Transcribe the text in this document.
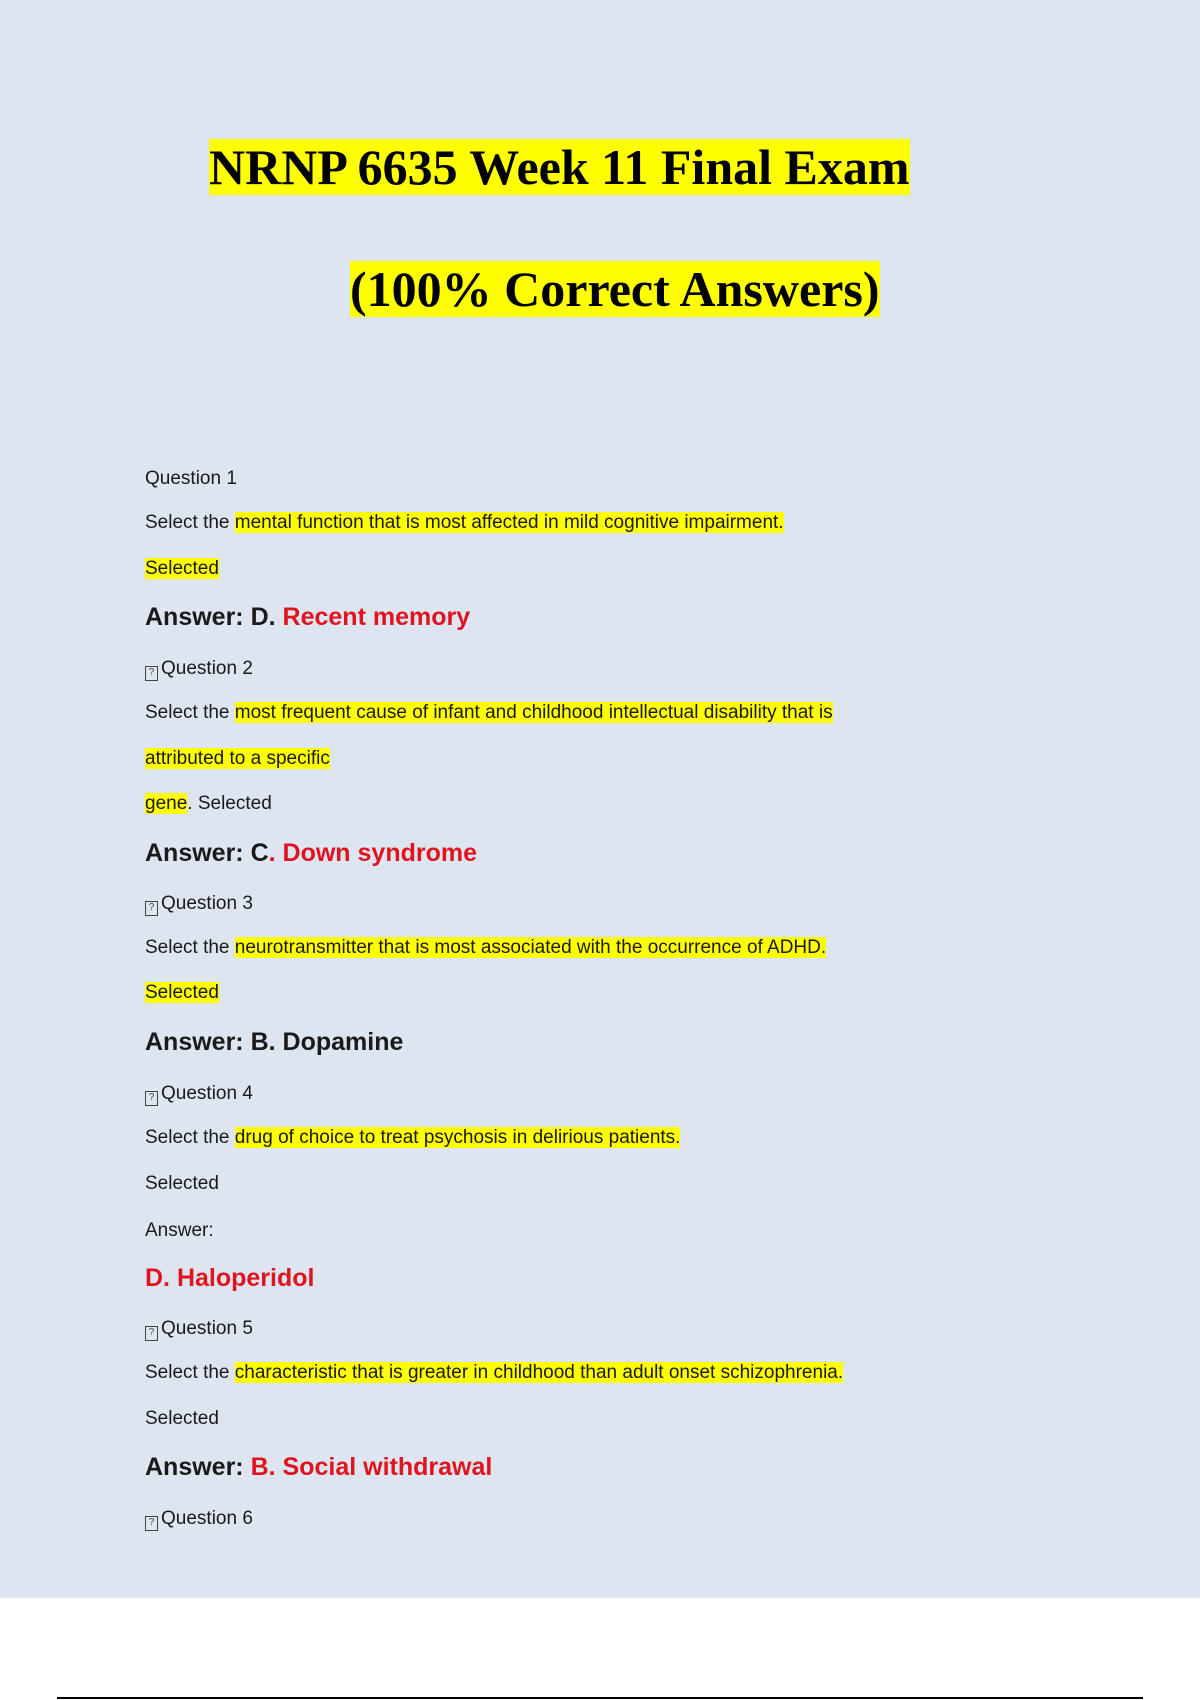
NRNP 6635 Week 11 Final Exam
(100% Correct Answers)
Question 1
Select the mental function that is most affected in mild cognitive impairment.
Selected
Answer: D. Recent memory
? Question 2
Select the most frequent cause of infant and childhood intellectual disability that is
attributed to a specific
gene. Selected
Answer: C. Down syndrome
? Question 3
Select the neurotransmitter that is most associated with the occurrence of ADHD.
Selected
Answer: B. Dopamine
? Question 4
Select the drug of choice to treat psychosis in delirious patients.
Selected
Answer:
D. Haloperidol
? Question 5
Select the characteristic that is greater in childhood than adult onset schizophrenia.
Selected
Answer: B. Social withdrawal
? Question 6
